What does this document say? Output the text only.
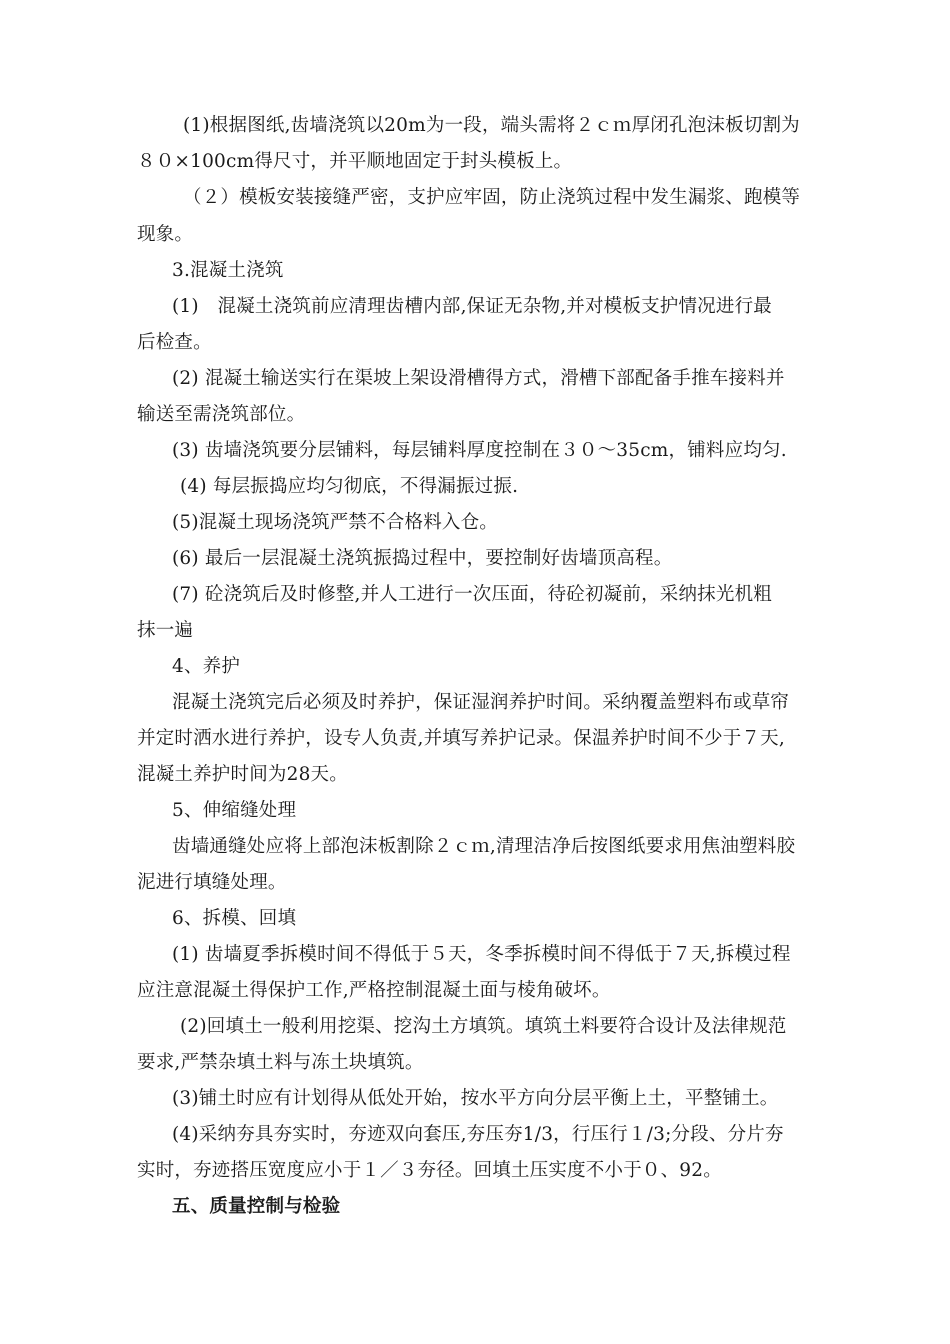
(1)根据图纸,齿墙浇筑以20m为一段，端头需将２ｃｍ厚闭孔泡沫板切割为
８０×100cm得尺寸，并平顺地固定于封头模板上。
（２）模板安装接缝严密，支护应牢固，防止浇筑过程中发生漏浆、跑模等
现象。
3.混凝土浇筑
(1)　混凝土浇筑前应清理齿槽内部,保证无杂物,并对模板支护情况进行最
后检查。
(2) 混凝土输送实行在渠坡上架设滑槽得方式，滑槽下部配备手推车接料并
输送至需浇筑部位。
(3) 齿墙浇筑要分层铺料，每层铺料厚度控制在３０～35cm，铺料应均匀.
(4) 每层振捣应均匀彻底，不得漏振过振.
(5)混凝土现场浇筑严禁不合格料入仓。
(6) 最后一层混凝土浇筑振捣过程中，要控制好齿墙顶高程。
(7) 砼浇筑后及时修整,并人工进行一次压面，待砼初凝前，采纳抹光机粗
抹一遍
4、养护
混凝土浇筑完后必须及时养护，保证湿润养护时间。采纳覆盖塑料布或草帘
并定时洒水进行养护，设专人负责,并填写养护记录。保温养护时间不少于７天,
混凝土养护时间为28天。
5、伸缩缝处理
齿墙通缝处应将上部泡沫板割除２ｃｍ,清理洁净后按图纸要求用焦油塑料胶
泥进行填缝处理。
6、拆模、回填
(1) 齿墙夏季拆模时间不得低于５天，冬季拆模时间不得低于７天,拆模过程
应注意混凝土得保护工作,严格控制混凝土面与棱角破坏。
(2)回填土一般利用挖渠、挖沟土方填筑。填筑土料要符合设计及法律规范
要求,严禁杂填土料与冻土块填筑。
(3)铺土时应有计划得从低处开始，按水平方向分层平衡上土，平整铺土。
(4)采纳夯具夯实时，夯迹双向套压,夯压夯1/3，行压行１/3;分段、分片夯
实时，夯迹搭压宽度应小于１／３夯径。回填土压实度不小于０、92。
五、质量控制与检验
